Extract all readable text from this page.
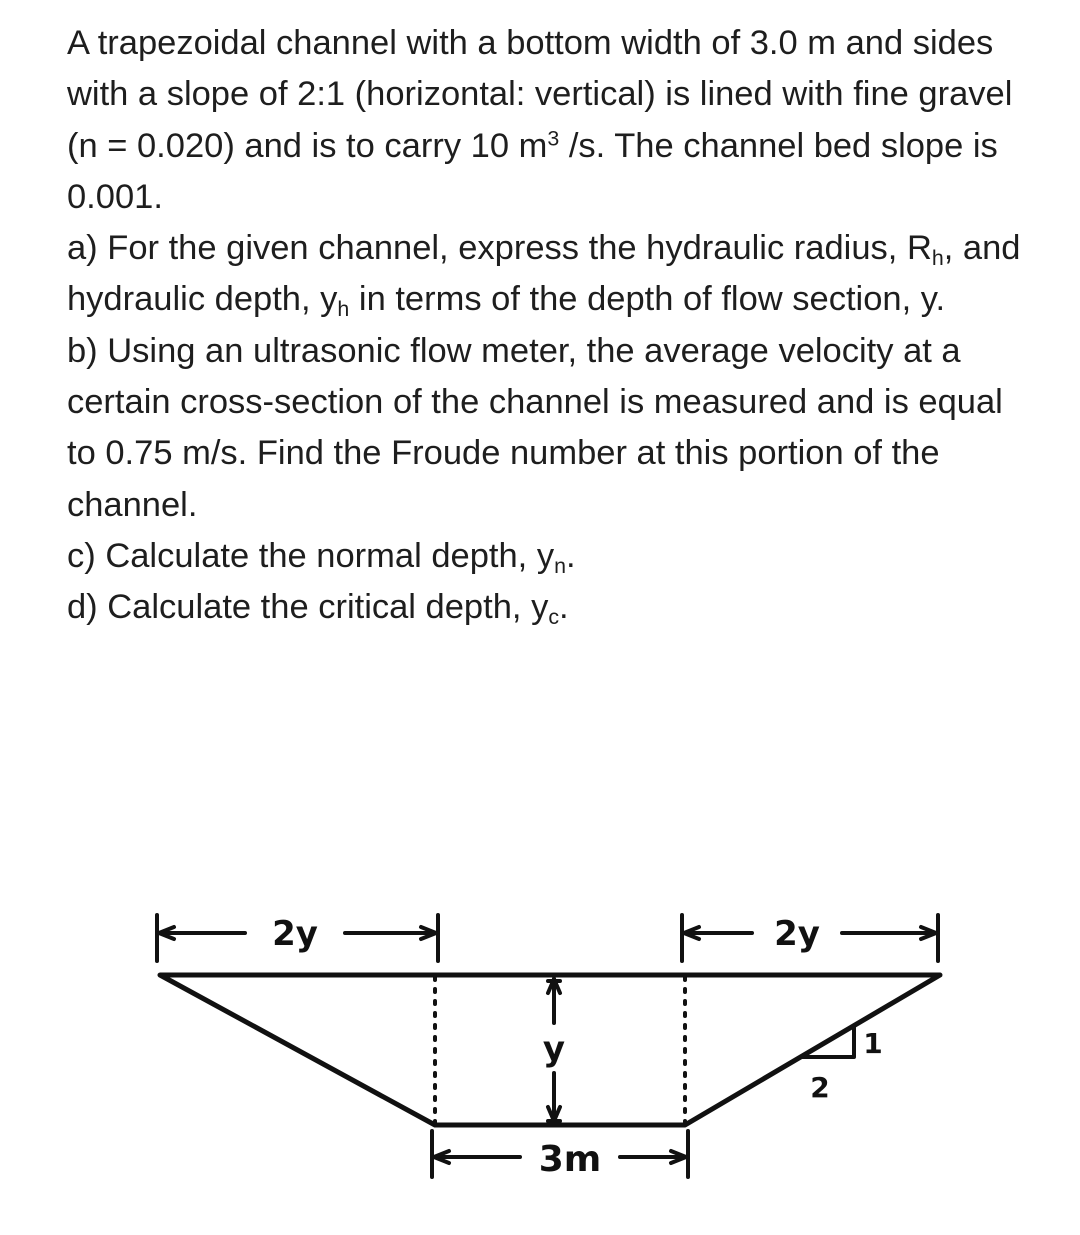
A trapezoidal channel with a bottom width of 3.0 m and sides with a slope of 2:1 (horizontal: vertical) is lined with fine gravel (n = 0.020) and is to carry 10 $m^3$ /s. The channel bed slope is 0.001.

a) For the given channel, express the hydraulic radius, $R_h$, and hydraulic depth, $y_h$ in terms of the depth of flow section, y.

b) Using an ultrasonic flow meter, the average velocity at a certain cross-section of the channel is measured and is equal to 0.75 m/s. Find the Froude number at this portion of the channel.

c) Calculate the normal depth, $y_n$.

d) Calculate the critical depth, $y_c$.

2y	2y
y
3m
2
1
